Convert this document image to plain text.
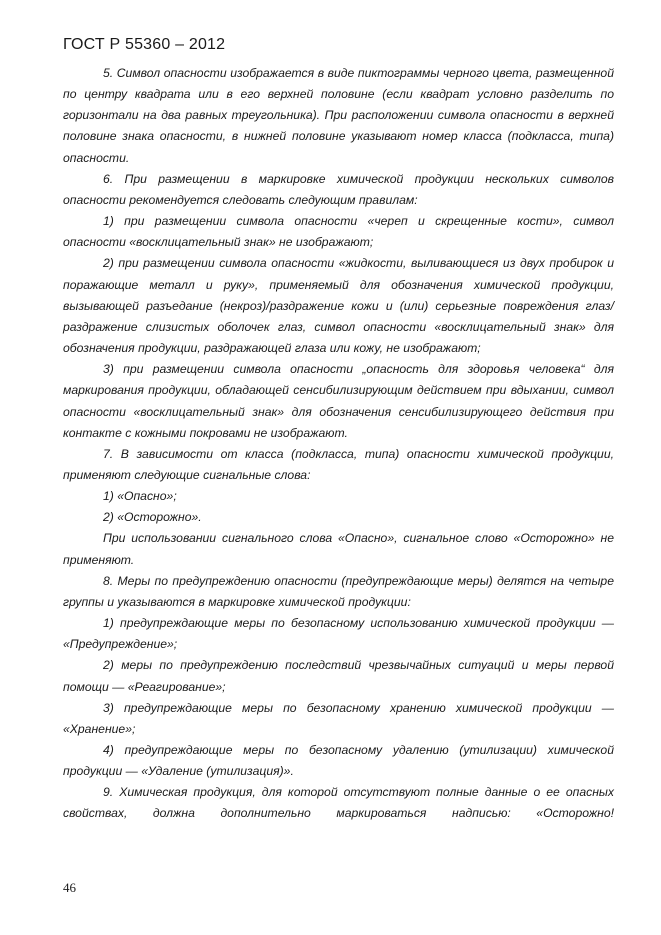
ГОСТ Р 55360 – 2012

5. Символ опасности изображается в виде пиктограммы черного цвета, размещенной по центру квадрата или в его верхней половине (если квадрат условно разделить по горизонтали на два равных треугольника). При расположении символа опасности в верхней половине знака опасности, в нижней половине указывают номер класса (подкласса, типа) опасности.

6. При размещении в маркировке химической продукции нескольких символов опасности рекомендуется следовать следующим правилам:

1) при размещении символа опасности «череп и скрещенные кости», символ опасности «восклицательный знак» не изображают;

2) при размещении символа опасности «жидкости, выливающиеся из двух пробирок и поражающие металл и руку», применяемый для обозначения химической продукции, вызывающей разъедание (некроз)/раздражение кожи и (или) серьезные повреждения глаз/раздражение слизистых оболочек глаз, символ опасности «восклицательный знак» для обозначения продукции, раздражающей глаза или кожу, не изображают;

3) при размещении символа опасности „опасность для здоровья человека“ для маркирования продукции, обладающей сенсибилизирующим действием при вдыхании, символ опасности «восклицательный знак» для обозначения сенсибилизирующего действия при контакте с кожными покровами не изображают.

7. В зависимости от класса (подкласса, типа) опасности химической продукции, применяют следующие сигнальные слова:

1) «Опасно»;

2) «Осторожно».

При использовании сигнального слова «Опасно», сигнальное слово «Осторожно» не применяют.

8. Меры по предупреждению опасности (предупреждающие меры) делятся на четыре группы и указываются в маркировке химической продукции:

1) предупреждающие меры по безопасному использованию химической продукции — «Предупреждение»;

2) меры по предупреждению последствий чрезвычайных ситуаций и меры первой помощи — «Реагирование»;

3) предупреждающие меры по безопасному хранению химической продукции — «Хранение»;

4) предупреждающие меры по безопасному удалению (утилизации) химической продукции — «Удаление (утилизация)».

9. Химическая продукция, для которой отсутствуют полные данные о ее опасных свойствах, должна дополнительно маркироваться надписью: «Осторожно!

46
